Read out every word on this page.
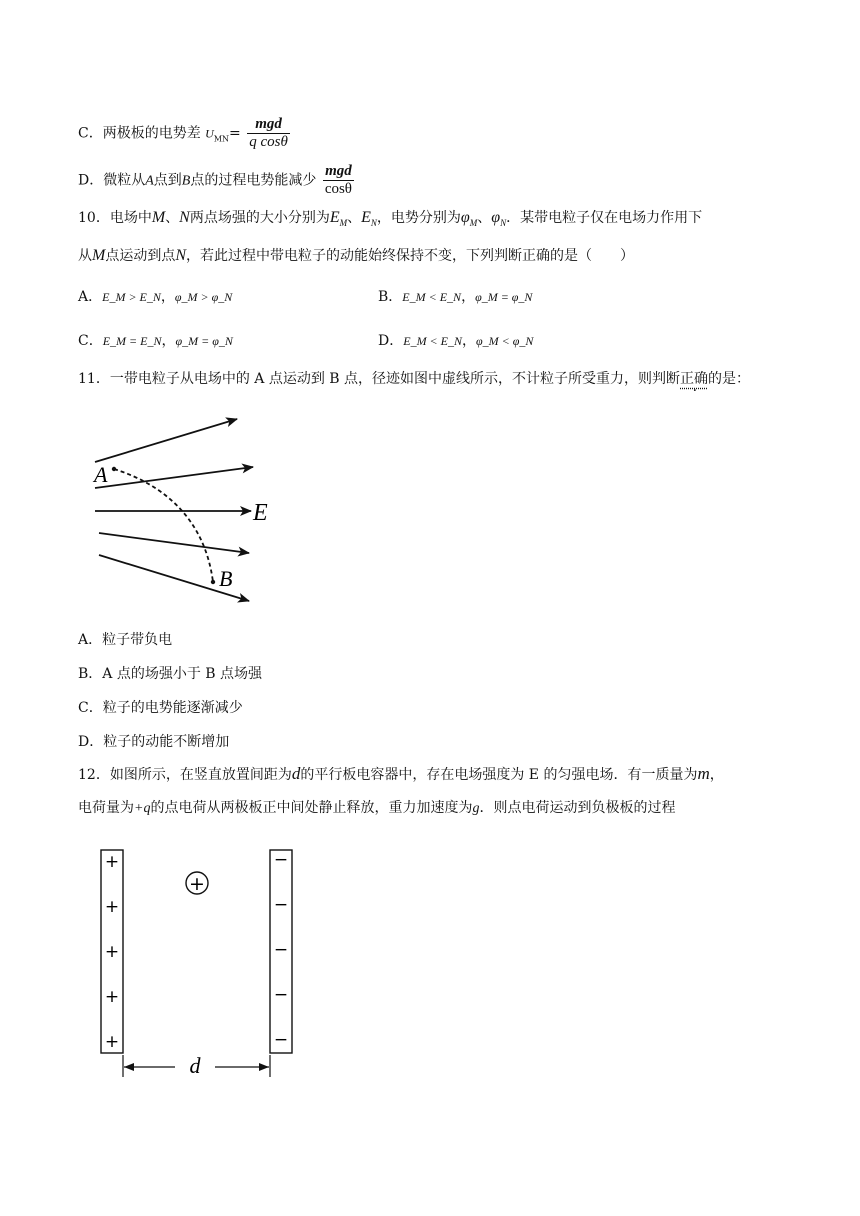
C．两极板的电势差 $U_{MN}= \frac{\text{mgd}}{\text{q cosθ}}$
D．微粒从A点到B点的过程电势能减少 $\frac{\text{mgd}}{\cos\theta}$
10．电场中M、N两点场强的大小分别为$E_M$、$E_N$，电势分别为$\varphi_M$、$\varphi_N$．某带电粒子仅在电场力作用下
从M点运动到点N，若此过程中带电粒子的动能始终保持不变，下列判断正确的是（　　）
A．E_M > E_N，φ_M > φ_N	B．E_M < E_N，φ_M = φ_N
C．E_M = E_N，φ_M = φ_N	D．E_M < E_N，φ_M < φ_N
11．一带电粒子从电场中的 A 点运动到 B 点，径迹如图中虚线所示，不计粒子所受重力，则判断正确的是：
A
B
E
A．粒子带负电
B．A 点的场强小于 B 点场强
C．粒子的电势能逐渐减少
D．粒子的动能不断增加
12．如图所示，在竖直放置间距为d的平行板电容器中，存在电场强度为 E 的匀强电场．有一质量为m，
电荷量为+q的点电荷从两极板正中间处静止释放，重力加速度为g．则点电荷运动到负极板的过程
+
+
+
+
+
−
−
−
−
−
+
d
